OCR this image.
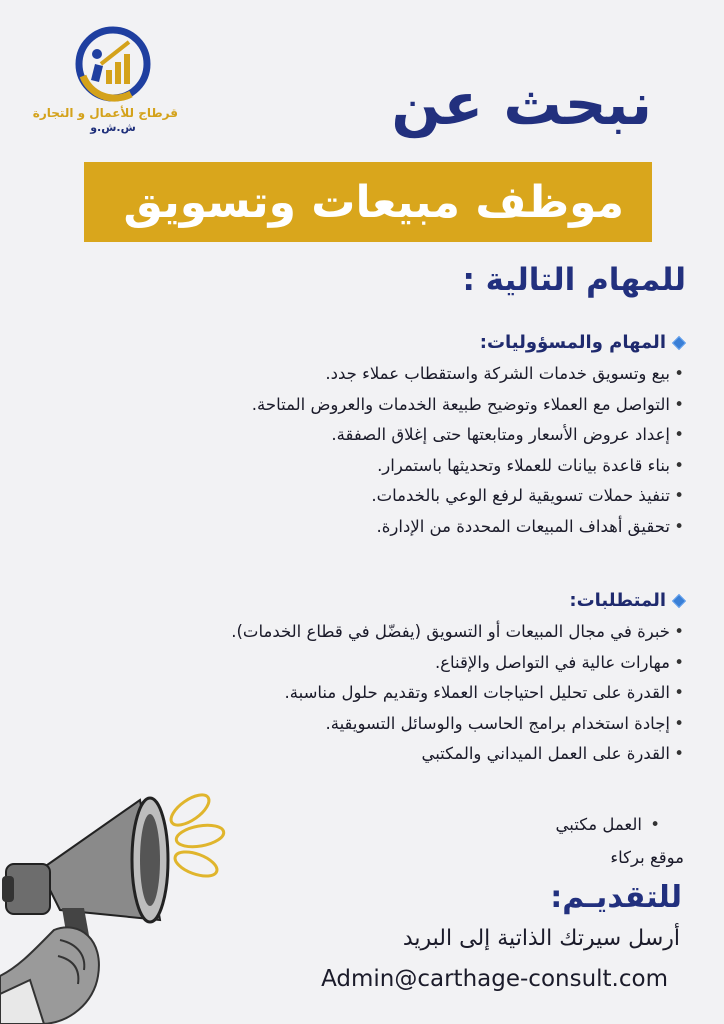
قرطاج للأعمال و التجارة
ش.ش.و	نبحث عن
موظف مبيعات وتسويق
للمهام التالية :
المهام والمسؤوليات:
• بيع وتسويق خدمات الشركة واستقطاب عملاء جدد.
• التواصل مع العملاء وتوضيح طبيعة الخدمات والعروض المتاحة.
• إعداد عروض الأسعار ومتابعتها حتى إغلاق الصفقة.
• بناء قاعدة بيانات للعملاء وتحديثها باستمرار.
• تنفيذ حملات تسويقية لرفع الوعي بالخدمات.
• تحقيق أهداف المبيعات المحددة من الإدارة.
المتطلبات:
• خبرة في مجال المبيعات أو التسويق (يفضّل في قطاع الخدمات).
• مهارات عالية في التواصل والإقناع.
• القدرة على تحليل احتياجات العملاء وتقديم حلول مناسبة.
• إجادة استخدام برامج الحاسب والوسائل التسويقية.
• القدرة على العمل الميداني والمكتبي
• العمل مكتبي
موقع بركاء
للتقديـم:
أرسل سيرتك الذاتية إلى البريد
Admin@carthage-consult.com
